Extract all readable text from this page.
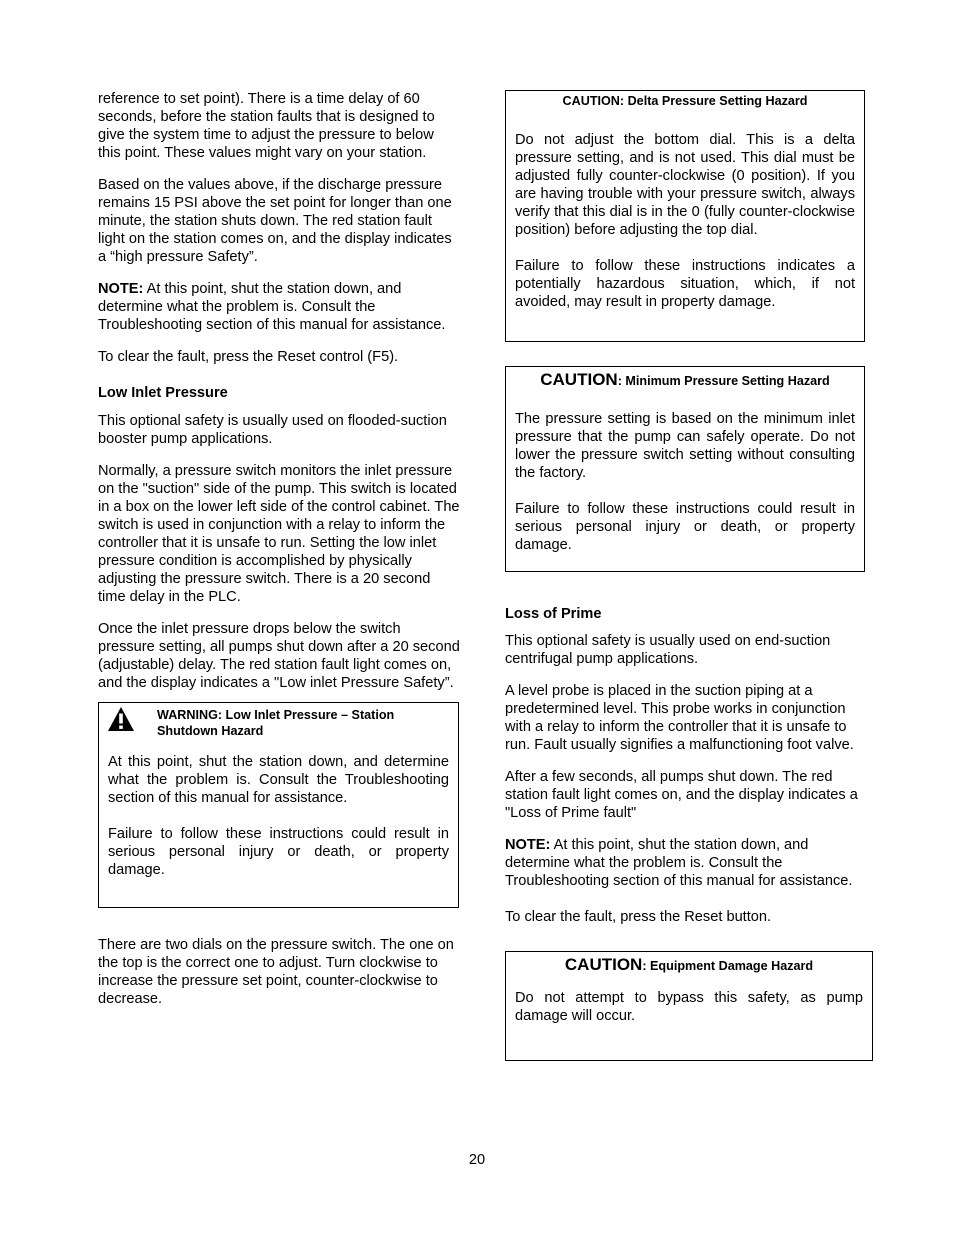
reference to set point). There is a time delay of 60 seconds, before the station faults that is designed to give the system time to adjust the pressure to below this point. These values might vary on your station.

Based on the values above, if the discharge pressure remains 15 PSI above the set point for longer than one minute, the station shuts down. The red station fault light on the station comes on, and the display indicates a “high pressure Safety”.

NOTE: At this point, shut the station down, and determine what the problem is. Consult the Troubleshooting section of this manual for assistance.

To clear the fault, press the Reset control (F5).

Low Inlet Pressure

This optional safety is usually used on flooded-suction booster pump applications.

Normally, a pressure switch monitors the inlet pressure on the "suction" side of the pump. This switch is located in a box on the lower left side of the control cabinet. The switch is used in conjunction with a relay to inform the controller that it is unsafe to run. Setting the low inlet pressure condition is accomplished by physically adjusting the pressure switch. There is a 20 second time delay in the PLC.

Once the inlet pressure drops below the switch pressure setting, all pumps shut down after a 20 second (adjustable) delay. The red station fault light comes on, and the display indicates a "Low inlet Pressure Safety”.

WARNING: Low Inlet Pressure – Station Shutdown Hazard

At this point, shut the station down, and determine what the problem is. Consult the Troubleshooting section of this manual for assistance.

Failure to follow these instructions could result in serious personal injury or death, or property damage.

There are two dials on the pressure switch. The one on the top is the correct one to adjust. Turn clockwise to increase the pressure set point, counter-clockwise to decrease.

CAUTION: Delta Pressure Setting Hazard

Do not adjust the bottom dial. This is a delta pressure setting, and is not used. This dial must be adjusted fully counter-clockwise (0 position). If you are having trouble with your pressure switch, always verify that this dial is in the 0 (fully counter-clockwise position) before adjusting the top dial.

Failure to follow these instructions indicates a potentially hazardous situation, which, if not avoided, may result in property damage.

CAUTION: Minimum Pressure Setting Hazard

The pressure setting is based on the minimum inlet pressure that the pump can safely operate. Do not lower the pressure switch setting without consulting the factory.

Failure to follow these instructions could result in serious personal injury or death, or property damage.

Loss of Prime

This optional safety is usually used on end-suction centrifugal pump applications.

A level probe is placed in the suction piping at a predetermined level. This probe works in conjunction with a relay to inform the controller that it is unsafe to run. Fault usually signifies a malfunctioning foot valve.

After a few seconds, all pumps shut down. The red station fault light comes on, and the display indicates a "Loss of Prime fault"

NOTE: At this point, shut the station down, and determine what the problem is. Consult the Troubleshooting section of this manual for assistance.

To clear the fault, press the Reset button.

CAUTION: Equipment Damage Hazard

Do not attempt to bypass this safety, as pump damage will occur.

20
